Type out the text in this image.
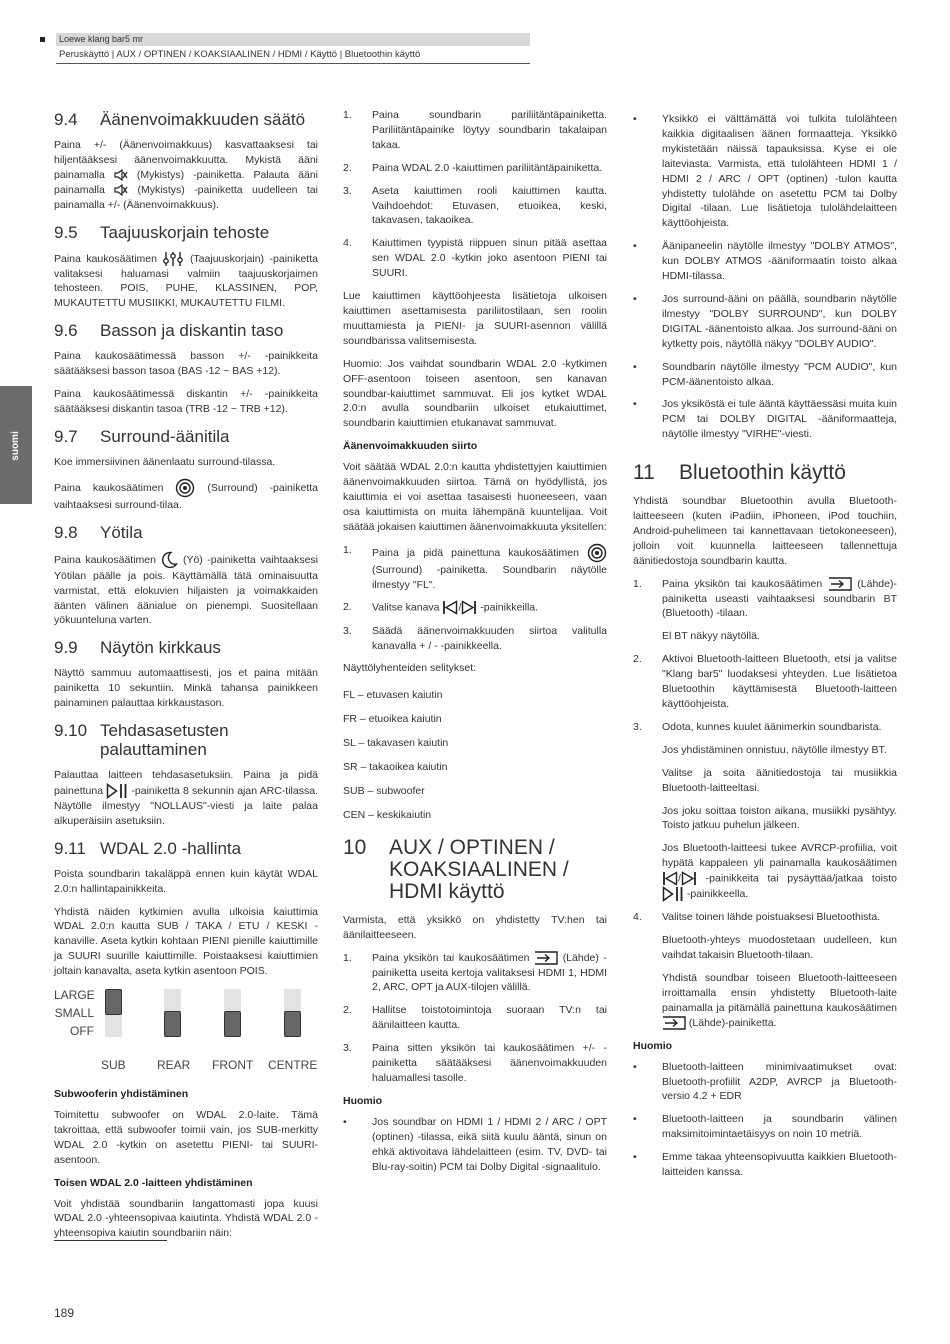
Loewe klang bar5 mr
Peruskäyttö | AUX / OPTINEN / KOAKSIAALINEN / HDMI / Käyttö | Bluetoothin käyttö
suomi
9.4	Äänenvoimakkuuden säätö

Paina +/- (Äänenvoimakkuus) kasvattaaksesi tai hiljentääksesi äänenvoimakkuutta. Mykistä ääni painamalla	(Mykistys) -painiketta. Palauta ääni painamalla	(Mykistys) -painiketta uudelleen tai painamalla +/- (Äänenvoimakkuus).

9.5	Taajuuskorjain tehoste

Paina kaukosäätimen	(Taajuuskorjain) -painiketta valitaksesi haluamasi valmiin taajuuskorjaimen tehosteen. POIS, PUHE, KLASSINEN, POP, MUKAUTETTU MUSIIKKI, MUKAUTETTU FILMI.

9.6	Basson ja diskantin taso

Paina kaukosäätimessä basson +/- -painikkeita säätääksesi basson tasoa (BAS -12 ~ BAS +12).

Paina kaukosäätimessä diskantin +/- -painikkeita säätääksesi diskantin tasoa (TRB -12 ~ TRB +12).

9.7	Surround-äänitila

Koe immersiivinen äänenlaatu surround-tilassa.

Paina kaukosäätimen	(Surround) -painiketta vaihtaaksesi surround-tilaa.

9.8	Yötila

Paina kaukosäätimen	(Yö) -painiketta vaihtaaksesi Yötilan päälle ja pois. Käyttämällä tätä ominaisuutta varmistat, että elokuvien hiljaisten ja voimakkaiden äänten välinen äänialue on pienempi. Suositellaan yökuunteluna varten.

9.9	Näytön kirkkaus

Näyttö sammuu automaattisesti, jos et paina mitään painiketta 10 sekuntiin. Minkä tahansa painikkeen painaminen palauttaa kirkkaustason.

9.10 Tehdasasetusten
palauttaminen

Palauttaa laitteen tehdasasetuksiin. Paina ja pidä painettuna	-painiketta 8 sekunnin ajan ARC-tilassa. Näytölle ilmestyy "NOLLAUS"-viesti ja laite palaa alkuperäisiin asetuksiin.

9.11 WDAL 2.0 -hallinta

Poista soundbarin takaläppä ennen kuin käytät WDAL 2.0:n hallintapainikkeita.

Yhdistä näiden kytkimien avulla ulkoisia kaiuttimia WDAL 2.0:n kautta SUB / TAKA / ETU / KESKI -kanaville. Aseta kytkin kohtaan PIENI pienille kaiuttimille ja SUURI suurille kaiuttimille. Poistaaksesi kaiuttimien joltain kanavalta, aseta kytkin asentoon POIS.

LARGE
SMALL
OFF
SUB	REAR FRONT CENTRE
Subwooferin yhdistäminen

Toimitettu subwoofer on WDAL 2.0-laite. Tämä takroittaa, että subwoofer toimii vain, jos SUB-merkitty WDAL 2.0 -kytkin on asetettu PIENI- tai SUURI-asentoon.

Toisen WDAL 2.0 -laitteen yhdistäminen

Voit yhdistää soundbariin langattomasti jopa kuusi WDAL 2.0 -yhteensopivaa kaiutinta. Yhdistä WDAL 2.0 -yhteensopiva kaiutin soundbariin näin:

1.	Paina soundbarin pariliitäntäpainiketta. Pariliitäntäpainike löytyy soundbarin takalaipan takaa.
2.	Paina WDAL 2.0 -kaiuttimen pariliitäntäpainiketta.
3.	Aseta kaiuttimen rooli kaiuttimen kautta. Vaihdoehdot: Etuvasen, etuoikea, keski, takavasen, takaoikea.
4.	Kaiuttimen tyypistä riippuen sinun pitää asettaa sen WDAL 2.0 -kytkin joko asentoon PIENI tai SUURI.

Lue kaiuttimen käyttöohjeesta lisätietoja ulkoisen kaiuttimen asettamisesta pariliitostilaan, sen roolin muuttamiesta ja PIENI- ja SUURI-asennon välillä soundbarissa valitsemisesta.

Huomio: Jos vaihdat soundbarin WDAL 2.0 -kytkimen OFF-asentoon toiseen asentoon, sen kanavan soundbar-kaiuttimet sammuvat. Eli jos kytket WDAL 2.0:n avulla soundbariin ulkoiset etukaiuttimet, soundbarin kaiuttimien etukanavat sammuvat.

Äänenvoimakkuuden siirto

Voit säätää WDAL 2.0:n kautta yhdistettyjen kaiuttimien äänenvoimakkuuden siirtoa. Tämä on hyödyllistä, jos kaiuttimia ei voi asettaa tasaisesti huoneeseen, vaan osa kaiuttimista on muita lähempänä kuuntelijaa. Voit säätää jokaisen kaiuttimen äänenvoimakkuuta yksitellen:

1.	Paina ja pidä painettuna kaukosäätimen  (Surround) -painiketta. Soundbarin näytölle ilmestyy "FL".
2.	Valitse kanava / -painikkeilla.
3.	Säädä äänenvoimakkuuden siirtoa valitulla kanavalla + / - -painikkeella.

Näyttölyhenteiden selitykset:

FL – etuvasen kaiutin

FR – etuoikea kaiutin

SL – takavasen kaiutin

SR – takaoikea kaiutin

SUB – subwoofer

CEN – keskikaiutin

10	AUX / OPTINEN /
KOAKSIAALINEN /
HDMI käyttö

Varmista, että yksikkö on yhdistetty TV:hen tai äänilaitteeseen.

1.	Paina yksikön tai kaukosäätimen	(Lähde) -painiketta useita kertoja valitaksesi HDMI 1, HDMI 2, ARC, OPT ja AUX-tilojen välillä.
2.	Hallitse toistotoimintoja suoraan TV:n tai äänilaitteen kautta.
3.	Paina sitten yksikön tai kaukosäätimen +/- -painiketta säätääksesi äänenvoimakkuuden haluamallesi tasolle.
Huomio
•	Jos soundbar on HDMI 1 / HDMI 2 / ARC / OPT (optinen) -tilassa, eikä siitä kuulu ääntä, sinun on ehkä aktivoitava lähdelaitteen (esim. TV, DVD- tai Blu-ray-soitin) PCM tai Dolby Digital -signaalitulo.
•	Yksikkö ei välttämättä voi tulkita tulolähteen kaikkia digitaalisen äänen formaatteja. Yksikkö mykistetään näissä tapauksissa. Kyse ei ole laiteviasta. Varmista, että tulolähteen HDMI 1 / HDMI 2 / ARC / OPT (optinen) -tulon kautta yhdistetty tulolähde on asetettu PCM tai Dolby Digital -tilaan. Lue lisätietoja tulolähdelaitteen käyttöohjeista.
•	Äänipaneelin näytölle ilmestyy "DOLBY ATMOS", kun DOLBY ATMOS -ääniformaatin toisto alkaa HDMI-tilassa.
•	Jos surround-ääni on päällä, soundbarin näytölle ilmestyy "DOLBY SURROUND", kun DOLBY DIGITAL -äänentoisto alkaa. Jos surround-ääni on kytketty pois, näytöllä näkyy "DOLBY AUDIO".
•	Soundbarin näytölle ilmestyy "PCM AUDIO", kun PCM-äänentoisto alkaa.
•	Jos yksiköstä ei tule ääntä käyttäessäsi muita kuin PCM tai DOLBY DIGITAL -ääniformaatteja, näytölle ilmestyy "VIRHE"-viesti.
11	Bluetoothin käyttö

Yhdistä soundbar Bluetoothin avulla Bluetooth-laitteeseen (kuten iPadiin, iPhoneen, iPod touchiin, Android-puhelimeen tai kannettavaan tietokoneeseen), jolloin voit kuunnella laitteeseen tallennettuja äänitiedostoja soundbarin kautta.

1.	Paina yksikön tai kaukosäätimen	(Lähde)-painiketta useasti vaihtaaksesi soundbarin BT (Bluetooth) -tilaan.

El BT näkyy näytöllä.

2.	Aktivoi Bluetooth-laitteen Bluetooth, etsi ja valitse "Klang bar5" luodaksesi yhteyden. Lue lisätietoa Bluetoothin käyttämisestä Bluetooth-laitteen käyttöohjeista.
3.	Odota, kunnes kuulet äänimerkin soundbarista.

Jos yhdistäminen onnistuu, näytölle ilmestyy BT.

Valitse ja soita äänitiedostoja tai musiikkia Bluetooth-laitteeltasi.

Jos joku soittaa toiston aikana, musiikki pysähtyy. Toisto jatkuu puhelun jälkeen.

Jos Bluetooth-laitteesi tukee AVRCP-profiilia, voit hypätä kappaleen yli painamalla kaukosäätimen / -painikkeita tai pysäyttää/jatkaa toisto  -painikkeella.

4.	Valitse toinen lähde poistuaksesi Bluetoothista.

Bluetooth-yhteys muodostetaan uudelleen, kun vaihdat takaisin Bluetooth-tilaan.

Yhdistä soundbar toiseen Bluetooth-laitteeseen irroittamalla ensin yhdistetty Bluetooth-laite painamalla ja pitämällä painettuna kaukosäätimen  (Lähde)-painiketta.

Huomio
•	Bluetooth-laitteen minimivaatimukset ovat: Bluetooth-profiilit A2DP, AVRCP ja Bluetooth-versio 4.2 + EDR
•	Bluetooth-laitteen ja soundbarin välinen maksimitoimintaetäisyys on noin 10 metriä.
•	Emme takaa yhteensopivuutta kaikkien Bluetooth-laitteiden kanssa.
189
